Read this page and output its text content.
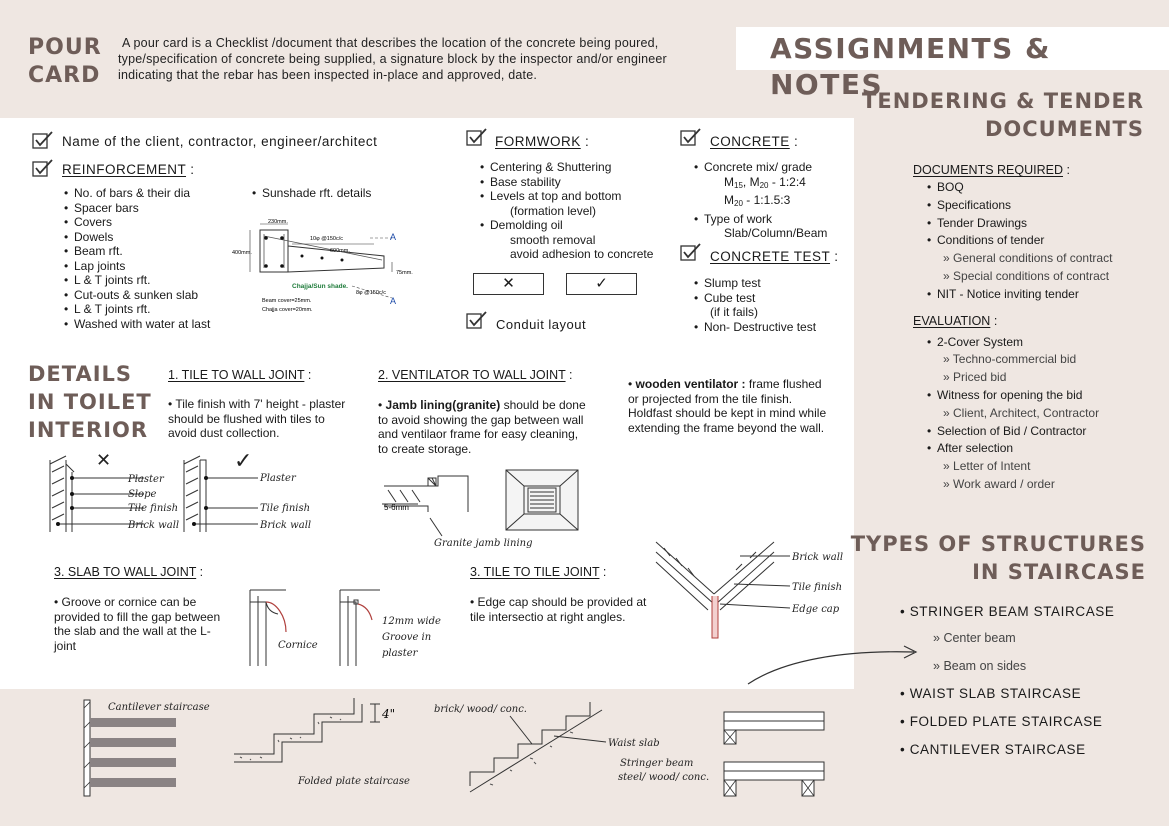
POUR
CARD
A pour card is a Checklist /document that describes the location of the concrete being poured, type/specification of concrete being supplied, a signature block by the inspector and/or engineer indicating that the rebar has been inspected in-place and approved, date.
ASSIGNMENTS & NOTES
Name of the client, contractor, engineer/architect
REINFORCEMENT :
• No. of bars & their dia
• Spacer bars
• Covers
• Dowels
• Beam rft.
• Lap joints
• L & T joints rft.
• Cut-outs & sunken slab
• L & T joints rft.
• Washed with water at last
• Sunshade rft. details
230mm.
400mm.
10φ @150c/c
600mm.
75mm.
8φ @150c/c
A
A
Chajja/Sun shade.
Beam cover=25mm.
Chajja cover=20mm.
FORMWORK :
• Centering & Shuttering
• Base stability
• Levels at top and bottom
(formation level)
• Demolding oil
smooth removal
avoid adhesion to concrete
✕	✓
Conduit layout
CONCRETE :
• Concrete mix/ grade
$M_{15}$, $M_{20}$ - 1:2:4
$M_{20}$ - 1:1.5:3
• Type of work
Slab/Column/Beam
CONCRETE TEST :
• Slump test
• Cube test
(if it fails)
• Non- Destructive test
DETAILS
IN TOILET
INTERIOR
1. TILE TO WALL JOINT :
• Tile finish with 7' height - plaster should be flushed with tiles to avoid dust collection.
✕	✓
Plaster
Slope
Tile finish
Brick wall
Plaster
Tile finish
Brick wall
2. VENTILATOR TO WALL JOINT :
• Jamb lining(granite) should be done to avoid showing the gap between wall and ventilaor frame for easy cleaning, to create storage.
5-6mm
Granite jamb lining
• wooden ventilator : frame flushed or projected from the tile finish.
Holdfast should be kept in mind while extending the frame beyond the wall.
3. SLAB TO WALL JOINT :
• Groove or cornice can be provided to fill the gap between the slab and the wall at the L- joint	Cornice
12mm wide
Groove in
plaster
3. TILE TO TILE JOINT :
• Edge cap should be provided at tile intersectio at right angles.
Brick wall
Tile finish
Edge cap
TENDERING & TENDER
DOCUMENTS
DOCUMENTS REQUIRED :
• BOQ
• Specifications
• Tender Drawings
• Conditions of tender
» General conditions of contract
» Special conditions of contract
• NIT - Notice inviting tender
EVALUATION :
• 2-Cover System
» Techno-commercial bid
» Priced bid
• Witness for opening the bid
» Client, Architect, Contractor
• Selection of Bid / Contractor
• After selection
» Letter of Intent
» Work award / order
TYPES OF STRUCTURES
IN STAIRCASE
• STRINGER BEAM STAIRCASE
» Center beam
» Beam on sides
• WAIST SLAB STAIRCASE
• FOLDED PLATE STAIRCASE
• CANTILEVER STAIRCASE
Cantilever staircase	4"
Folded plate staircase
brick/ wood/ conc.
Waist slab
Stringer beam
steel/ wood/ conc.
